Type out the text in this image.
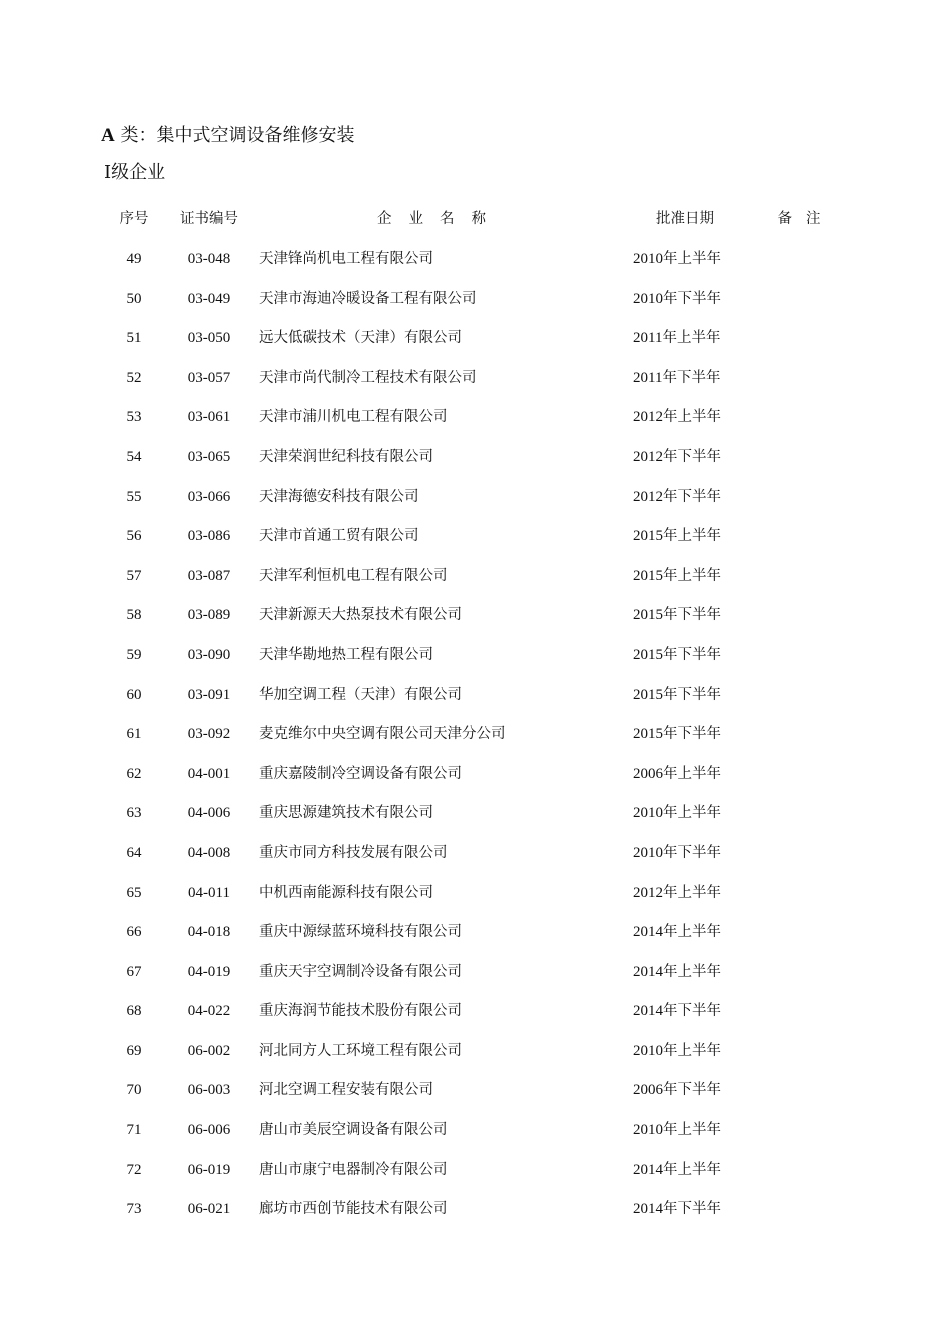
A 类：集中式空调设备维修安装
Ⅰ级企业
序号	证书编号	企业名称	批准日期	备注
49	03-048	天津锋尚机电工程有限公司	2010年上半年
50	03-049	天津市海迪冷暖设备工程有限公司	2010年下半年
51	03-050	远大低碳技术（天津）有限公司	2011年上半年
52	03-057	天津市尚代制冷工程技术有限公司	2011年下半年
53	03-061	天津市浦川机电工程有限公司	2012年上半年
54	03-065	天津荣润世纪科技有限公司	2012年下半年
55	03-066	天津海德安科技有限公司	2012年下半年
56	03-086	天津市首通工贸有限公司	2015年上半年
57	03-087	天津军利恒机电工程有限公司	2015年上半年
58	03-089	天津新源天大热泵技术有限公司	2015年下半年
59	03-090	天津华勘地热工程有限公司	2015年下半年
60	03-091	华加空调工程（天津）有限公司	2015年下半年
61	03-092	麦克维尔中央空调有限公司天津分公司	2015年下半年
62	04-001	重庆嘉陵制冷空调设备有限公司	2006年上半年
63	04-006	重庆思源建筑技术有限公司	2010年上半年
64	04-008	重庆市同方科技发展有限公司	2010年下半年
65	04-011	中机西南能源科技有限公司	2012年上半年
66	04-018	重庆中源绿蓝环境科技有限公司	2014年上半年
67	04-019	重庆天宇空调制冷设备有限公司	2014年上半年
68	04-022	重庆海润节能技术股份有限公司	2014年下半年
69	06-002	河北同方人工环境工程有限公司	2010年上半年
70	06-003	河北空调工程安装有限公司	2006年下半年
71	06-006	唐山市美辰空调设备有限公司	2010年上半年
72	06-019	唐山市康宁电器制冷有限公司	2014年上半年
73	06-021	廊坊市西创节能技术有限公司	2014年下半年
